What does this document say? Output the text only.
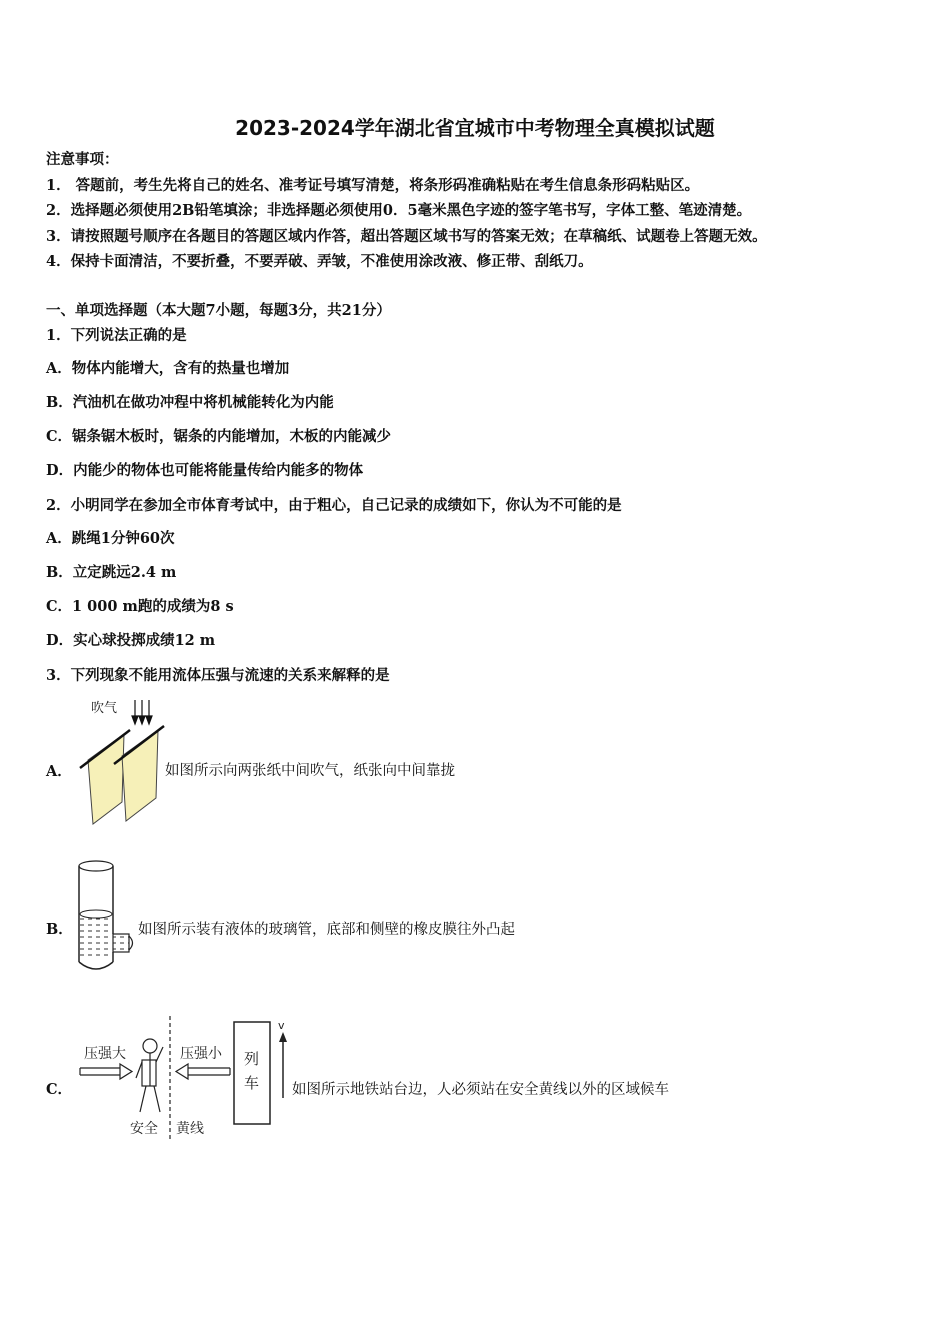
2023-2024学年湖北省宜城市中考物理全真模拟试题
注意事项：
1． 答题前，考生先将自己的姓名、准考证号填写清楚，将条形码准确粘贴在考生信息条形码粘贴区。
2．选择题必须使用2B铅笔填涂；非选择题必须使用0．5毫米黑色字迹的签字笔书写，字体工整、笔迹清楚。
3．请按照题号顺序在各题目的答题区域内作答，超出答题区域书写的答案无效；在草稿纸、试题卷上答题无效。
4．保持卡面清洁，不要折叠，不要弄破、弄皱，不准使用涂改液、修正带、刮纸刀。
一、单项选择题（本大题7小题，每题3分，共21分）
1．下列说法正确的是
A．物体内能增大，含有的热量也增加
B．汽油机在做功冲程中将机械能转化为内能
C．锯条锯木板时，锯条的内能增加，木板的内能减少
D．内能少的物体也可能将能量传给内能多的物体
2．小明同学在参加全市体育考试中，由于粗心，自己记录的成绩如下，你认为不可能的是
A．跳绳1分钟60次
B．立定跳远2.4 m
C．1 000 m跑的成绩为8 s
D．实心球投掷成绩12 m
3．下列现象不能用流体压强与流速的关系来解释的是
A．
吹气
如图所示向两张纸中间吹气，纸张向中间靠拢
B．	如图所示装有液体的玻璃管，底部和侧壁的橡皮膜往外凸起
C．
压强大	压强小
安全 黄线
列
车
v
如图所示地铁站台边，人必须站在安全黄线以外的区域候车
